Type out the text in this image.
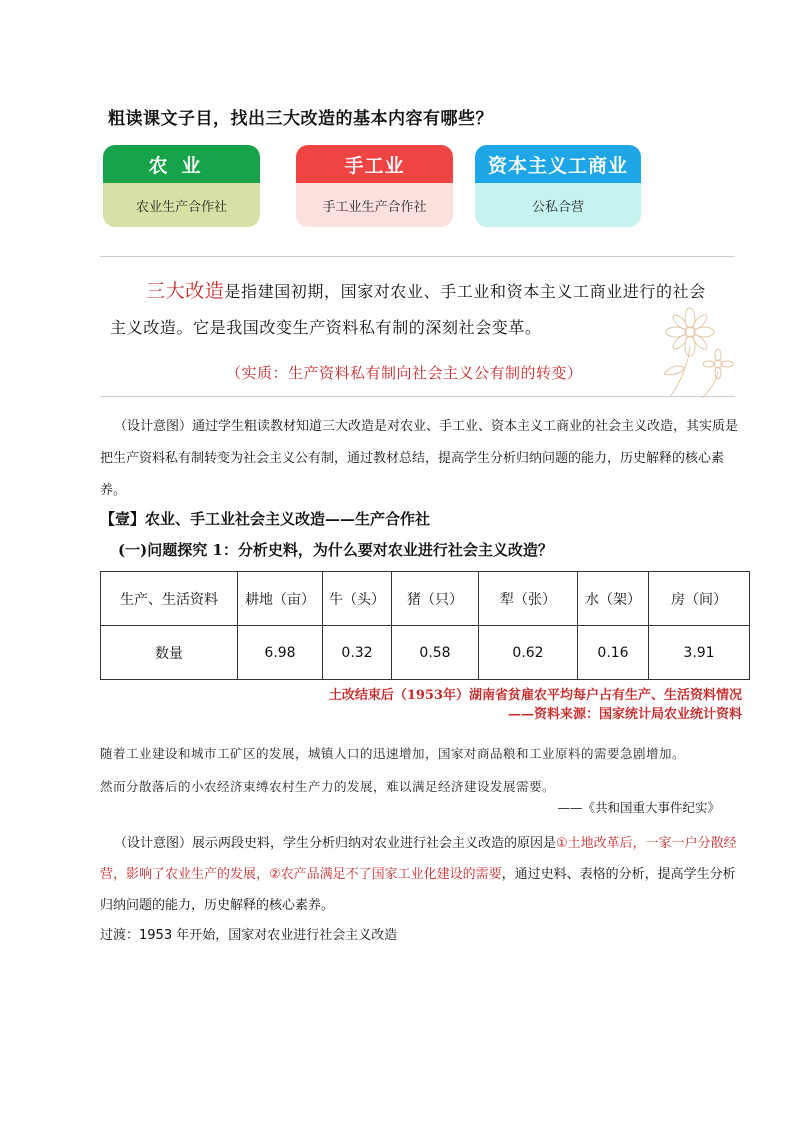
粗读课文子目，找出三大改造的基本内容有哪些？
农业
农业生产合作社
手工业
手工业生产合作社
资本主义工商业
公私合营
三大改造是指建国初期，国家对农业、手工业和资本主义工商业进行的社会主义改造。它是我国改变生产资料私有制的深刻社会变革。
（实质：生产资料私有制向社会主义公有制的转变）
（设计意图）通过学生粗读教材知道三大改造是对农业、手工业、资本主义工商业的社会主义改造，其实质是把生产资料私有制转变为社会主义公有制，通过教材总结，提高学生分析归纳问题的能力，历史解释的核心素养。
【壹】农业、手工业社会主义改造——生产合作社
(一)问题探究 1：分析史料，为什么要对农业进行社会主义改造？
生产、生活资料	耕地（亩）	牛（头）	猪（只）	犁（张）	水（架）	房（间）
数量	6.98	0.32	0.58	0.62	0.16	3.91
土改结束后（1953年）湖南省贫雇农平均每户占有生产、生活资料情况
——资料来源：国家统计局农业统计资料
随着工业建设和城市工矿区的发展，城镇人口的迅速增加，国家对商品粮和工业原料的需要急剧增加。
然而分散落后的小农经济束缚农村生产力的发展，难以满足经济建设发展需要。
——《共和国重大事件纪实》
（设计意图）展示两段史料，学生分析归纳对农业进行社会主义改造的原因是①土地改革后，一家一户分散经营，影响了农业生产的发展，②农产品满足不了国家工业化建设的需要，通过史料、表格的分析，提高学生分析归纳问题的能力，历史解释的核心素养。
过渡：1953 年开始，国家对农业进行社会主义改造
